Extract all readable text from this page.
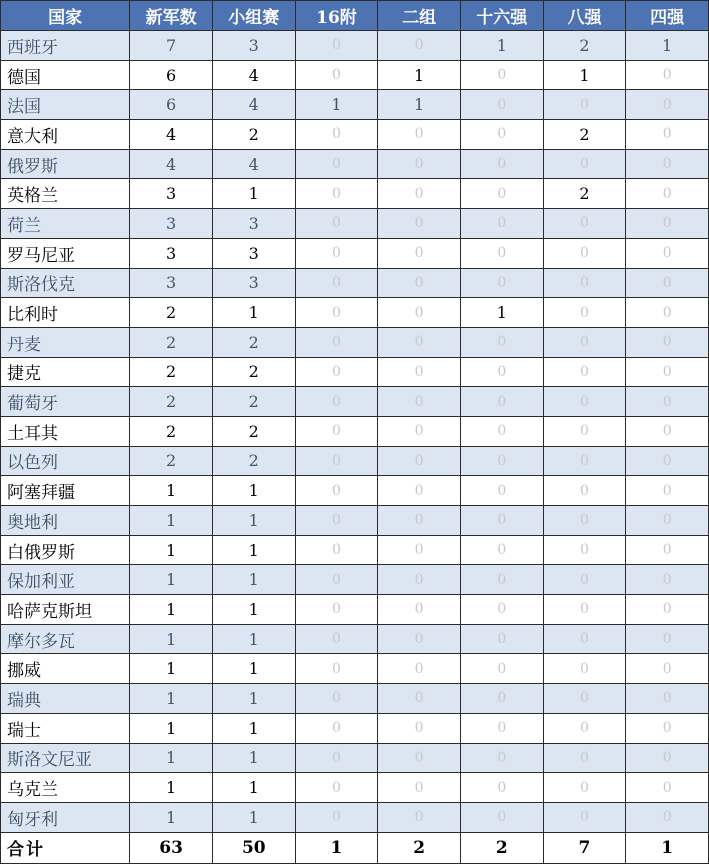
国家	新军数	小组赛	16附	二组	十六强	八强	四强
西班牙	7	3	0	0	1	2	1
德国	6	4	0	1	0	1	0
法国	6	4	1	1	0	0	0
意大利	4	2	0	0	0	2	0
俄罗斯	4	4	0	0	0	0	0
英格兰	3	1	0	0	0	2	0
荷兰	3	3	0	0	0	0	0
罗马尼亚	3	3	0	0	0	0	0
斯洛伐克	3	3	0	0	0	0	0
比利时	2	1	0	0	1	0	0
丹麦	2	2	0	0	0	0	0
捷克	2	2	0	0	0	0	0
葡萄牙	2	2	0	0	0	0	0
土耳其	2	2	0	0	0	0	0
以色列	2	2	0	0	0	0	0
阿塞拜疆	1	1	0	0	0	0	0
奥地利	1	1	0	0	0	0	0
白俄罗斯	1	1	0	0	0	0	0
保加利亚	1	1	0	0	0	0	0
哈萨克斯坦	1	1	0	0	0	0	0
摩尔多瓦	1	1	0	0	0	0	0
挪威	1	1	0	0	0	0	0
瑞典	1	1	0	0	0	0	0
瑞士	1	1	0	0	0	0	0
斯洛文尼亚	1	1	0	0	0	0	0
乌克兰	1	1	0	0	0	0	0
匈牙利	1	1	0	0	0	0	0
合计	63	50	1	2	2	7	1
